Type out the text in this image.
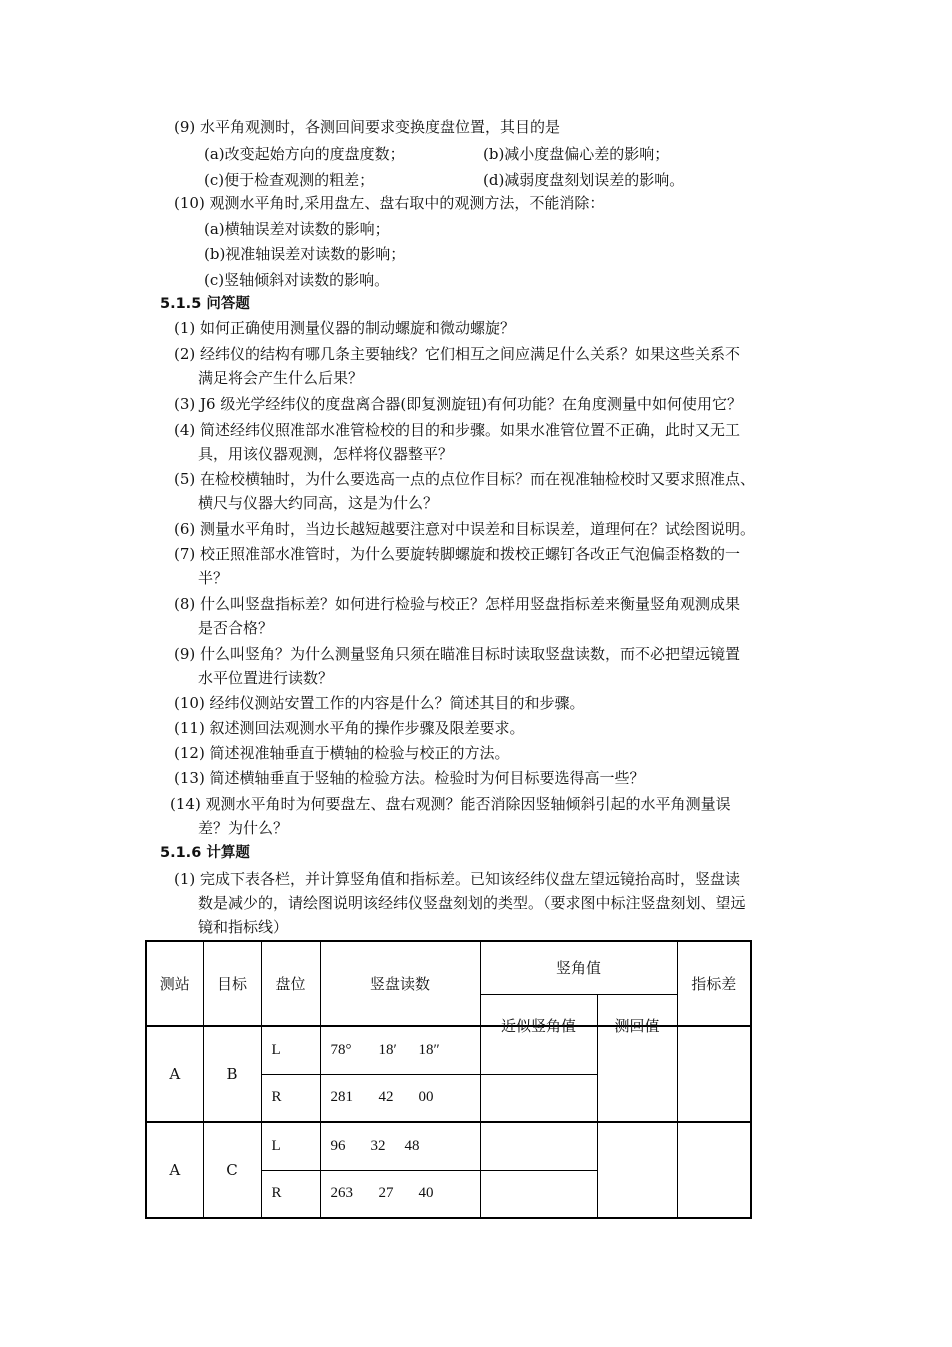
(9) 水平角观测时，各测回间要求变换度盘位置，其目的是
(a)改变起始方向的度盘度数；	(b)减小度盘偏心差的影响；
(c)便于检查观测的粗差；	(d)减弱度盘刻划误差的影响。
(10) 观测水平角时,采用盘左、盘右取中的观测方法，不能消除：
(a)横轴误差对读数的影响；
(b)视准轴误差对读数的影响；
(c)竖轴倾斜对读数的影响。
5.1.5 问答题
(1) 如何正确使用测量仪器的制动螺旋和微动螺旋？
(2) 经纬仪的结构有哪几条主要轴线？它们相互之间应满足什么关系？如果这些关系不
满足将会产生什么后果？
(3) J6 级光学经纬仪的度盘离合器(即复测旋钮)有何功能？在角度测量中如何使用它？
(4) 简述经纬仪照准部水准管检校的目的和步骤。如果水准管位置不正确，此时又无工
具，用该仪器观测，怎样将仪器整平？
(5) 在检校横轴时，为什么要选高一点的点位作目标？而在视准轴检校时又要求照准点、
横尺与仪器大约同高，这是为什么？
(6) 测量水平角时，当边长越短越要注意对中误差和目标误差，道理何在？试绘图说明。
(7) 校正照准部水准管时，为什么要旋转脚螺旋和拨校正螺钉各改正气泡偏歪格数的一
半？
(8) 什么叫竖盘指标差？如何进行检验与校正？怎样用竖盘指标差来衡量竖角观测成果
是否合格？
(9) 什么叫竖角？为什么测量竖角只须在瞄准目标时读取竖盘读数，而不必把望远镜置
水平位置进行读数？
(10) 经纬仪测站安置工作的内容是什么？简述其目的和步骤。
(11) 叙述测回法观测水平角的操作步骤及限差要求。
(12) 简述视准轴垂直于横轴的检验与校正的方法。
(13) 简述横轴垂直于竖轴的检验方法。检验时为何目标要选得高一些？
(14) 观测水平角时为何要盘左、盘右观测？能否消除因竖轴倾斜引起的水平角测量误
差？为什么？
5.1.6 计算题
(1) 完成下表各栏，并计算竖角值和指标差。已知该经纬仪盘左望远镜抬高时，竖盘读
数是减少的，请绘图说明该经纬仪竖盘刻划的类型。（要求图中标注竖盘刻划、望远
镜和指标线）
测站	目标	盘位	竖盘读数	竖角值		指标差

				近似竖角值	测回值	

A	B	L	78° 18′ 18″			
		R	281 42 00			
A	C	L	96 32 48			
		R	263 27 40			
